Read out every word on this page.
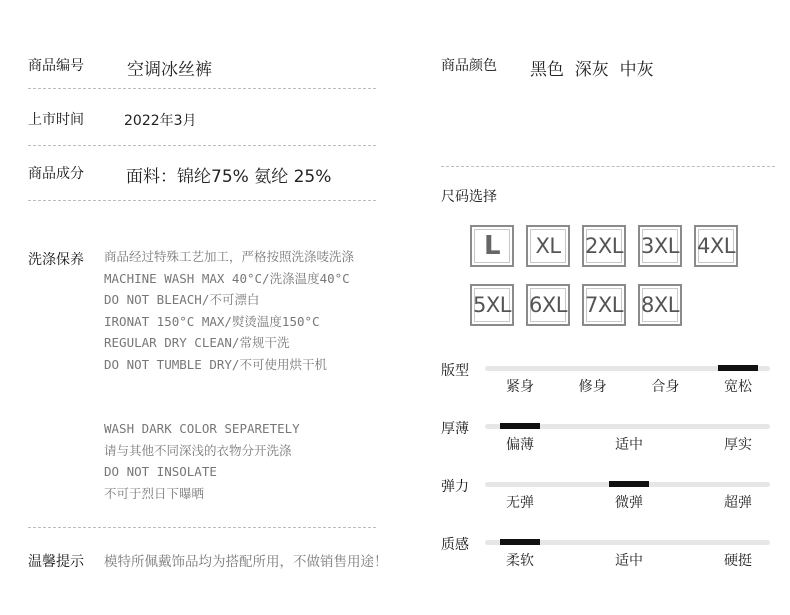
商品编号	空调冰丝裤
上市时间	2022年3月
商品成分 面料：锦纶75% 氨纶 25%
洗涤保养 商品经过特殊工艺加工，严格按照洗涤唛洗涤
MACHINE WASH MAX 40°C/洗涤温度40°C
DO NOT BLEACH/不可漂白
IRONAT 150°C MAX/熨烫温度150°C
REGULAR DRY CLEAN/常规干洗
DO NOT TUMBLE DRY/不可使用烘干机
WASH DARK COLOR SEPARETELY
请与其他不同深浅的衣物分开洗涤
DO NOT INSOLATE
不可于烈日下曝晒
温馨提示 模特所佩戴饰品均为搭配所用，不做销售用途！
商品颜色 黑色  深灰  中灰
尺码选择
L XL 2XL 3XL 4XL
5XL 6XL 7XL 8XL
版型
紧身	修身	合身	宽松
厚薄
偏薄	适中	厚实
弹力
无弹	微弹	超弹
质感
柔软	适中	硬挺
